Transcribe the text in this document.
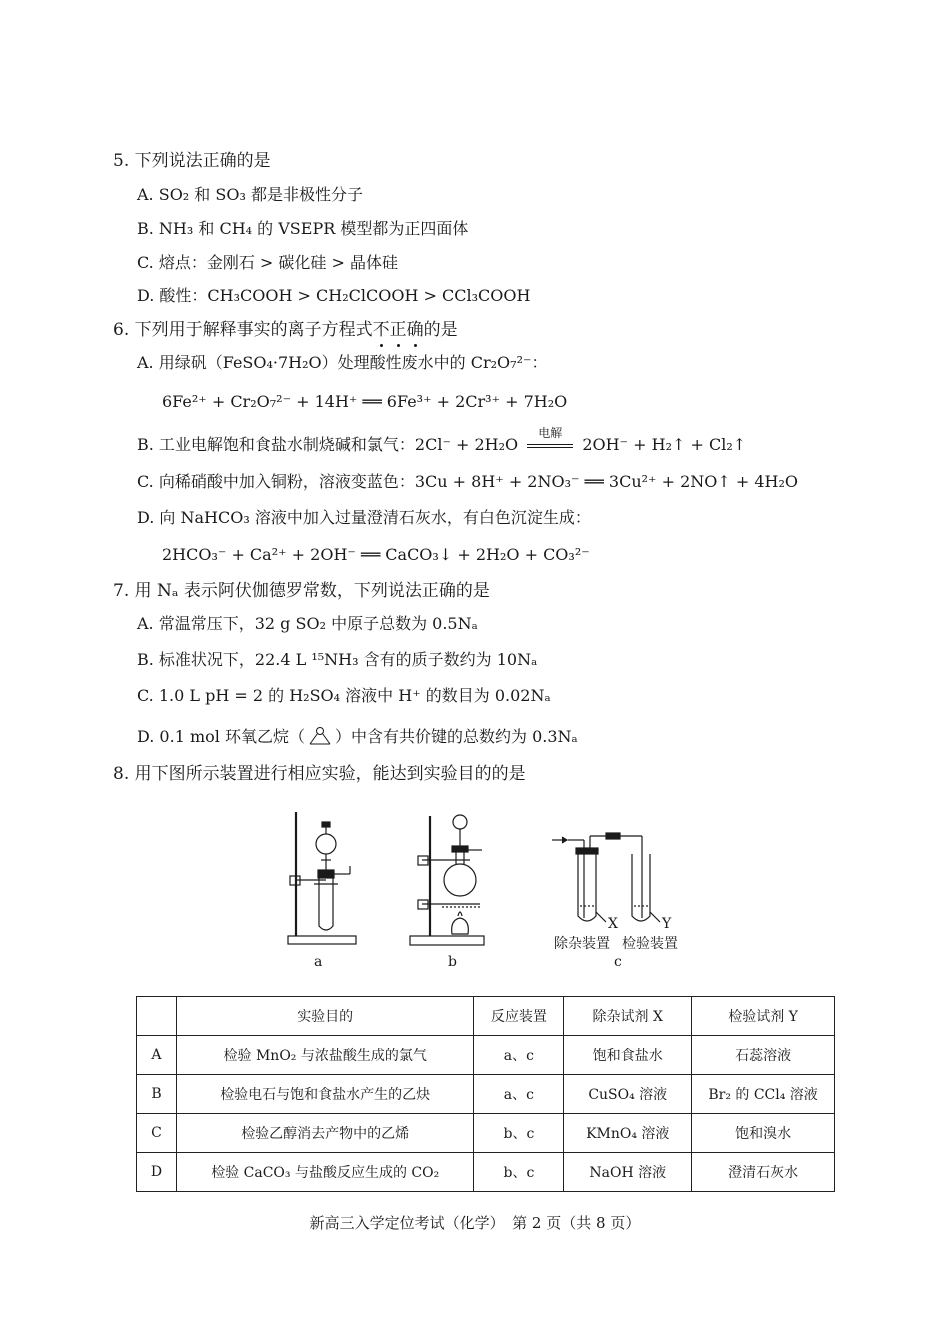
5. 下列说法正确的是
A. SO₂ 和 SO₃ 都是非极性分子
B. NH₃ 和 CH₄ 的 VSEPR 模型都为正四面体
C. 熔点：金刚石 > 碳化硅 > 晶体硅
D. 酸性：CH₃COOH > CH₂ClCOOH > CCl₃COOH
6. 下列用于解释事实的离子方程式不正确的是
A. 用绿矾（FeSO₄·7H₂O）处理酸性废水中的 Cr₂O₇²⁻：
6Fe²⁺ + Cr₂O₇²⁻ + 14H⁺ ══ 6Fe³⁺ + 2Cr³⁺ + 7H₂O
B. 工业电解饱和食盐水制烧碱和氯气：2Cl⁻ + 2H₂O
电解
2OH⁻ + H₂↑ + Cl₂↑
C. 向稀硝酸中加入铜粉，溶液变蓝色：3Cu + 8H⁺ + 2NO₃⁻ ══ 3Cu²⁺ + 2NO↑ + 4H₂O
D. 向 NaHCO₃ 溶液中加入过量澄清石灰水，有白色沉淀生成：
2HCO₃⁻ + Ca²⁺ + 2OH⁻ ══ CaCO₃↓ + 2H₂O + CO₃²⁻
7. 用 Nₐ 表示阿伏伽德罗常数，下列说法正确的是
A. 常温常压下，32 g SO₂ 中原子总数为 0.5Nₐ
B. 标准状况下，22.4 L ¹⁵NH₃ 含有的质子数约为 10Nₐ
C. 1.0 L pH = 2 的 H₂SO₄ 溶液中 H⁺ 的数目为 0.02Nₐ
D. 0.1 mol 环氧乙烷（ ）中含有共价键的总数约为 0.3Nₐ
8. 用下图所示装置进行相应实验，能达到实验目的的是
X	Y
除杂装置 检验装置
a	b	c
	实验目的	反应装置	除杂试剂 X	检验试剂 Y
A	检验 MnO₂ 与浓盐酸生成的氯气	a、c	饱和食盐水	石蕊溶液
B	检验电石与饱和食盐水产生的乙炔	a、c	CuSO₄ 溶液	Br₂ 的 CCl₄ 溶液
C	检验乙醇消去产物中的乙烯	b、c	KMnO₄ 溶液	饱和溴水
D	检验 CaCO₃ 与盐酸反应生成的 CO₂	b、c	NaOH 溶液	澄清石灰水
新高三入学定位考试（化学）　第 2 页（共 8 页）
